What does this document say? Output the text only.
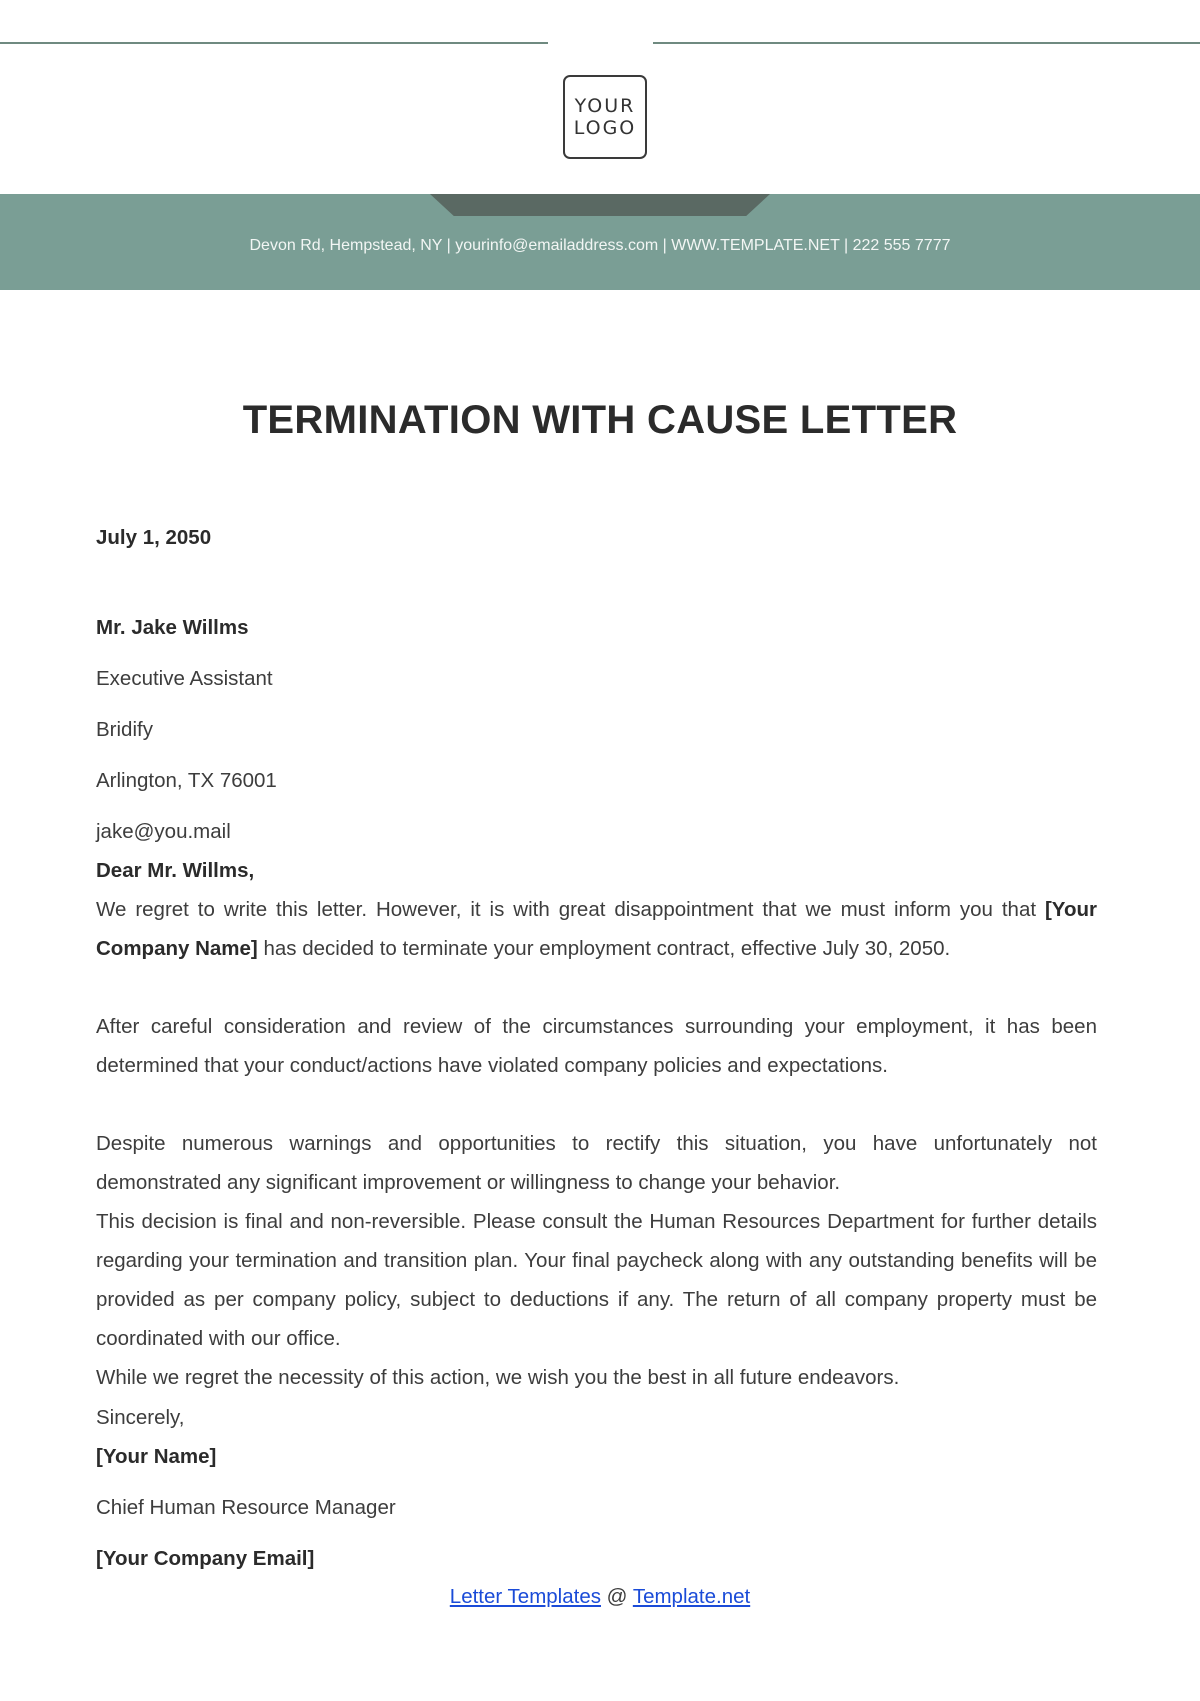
YOUR
LOGO
Devon Rd, Hempstead, NY | yourinfo@emailaddress.com | WWW.TEMPLATE.NET | 222 555 7777
TERMINATION WITH CAUSE LETTER
July 1, 2050
Mr. Jake Willms
Executive Assistant
Bridify
Arlington, TX 76001
jake@you.mail
Dear Mr. Willms,
We regret to write this letter. However, it is with great disappointment that we must inform you that [Your Company Name] has decided to terminate your employment contract, effective July 30, 2050.
After careful consideration and review of the circumstances surrounding your employment, it has been determined that your conduct/actions have violated company policies and expectations.
Despite numerous warnings and opportunities to rectify this situation, you have unfortunately not demonstrated any significant improvement or willingness to change your behavior.
This decision is final and non-reversible. Please consult the Human Resources Department for further details regarding your termination and transition plan. Your final paycheck along with any outstanding benefits will be provided as per company policy, subject to deductions if any. The return of all company property must be coordinated with our office.
While we regret the necessity of this action, we wish you the best in all future endeavors.
Sincerely,
[Your Name]
Chief Human Resource Manager
[Your Company Email]
Letter Templates @ Template.net
